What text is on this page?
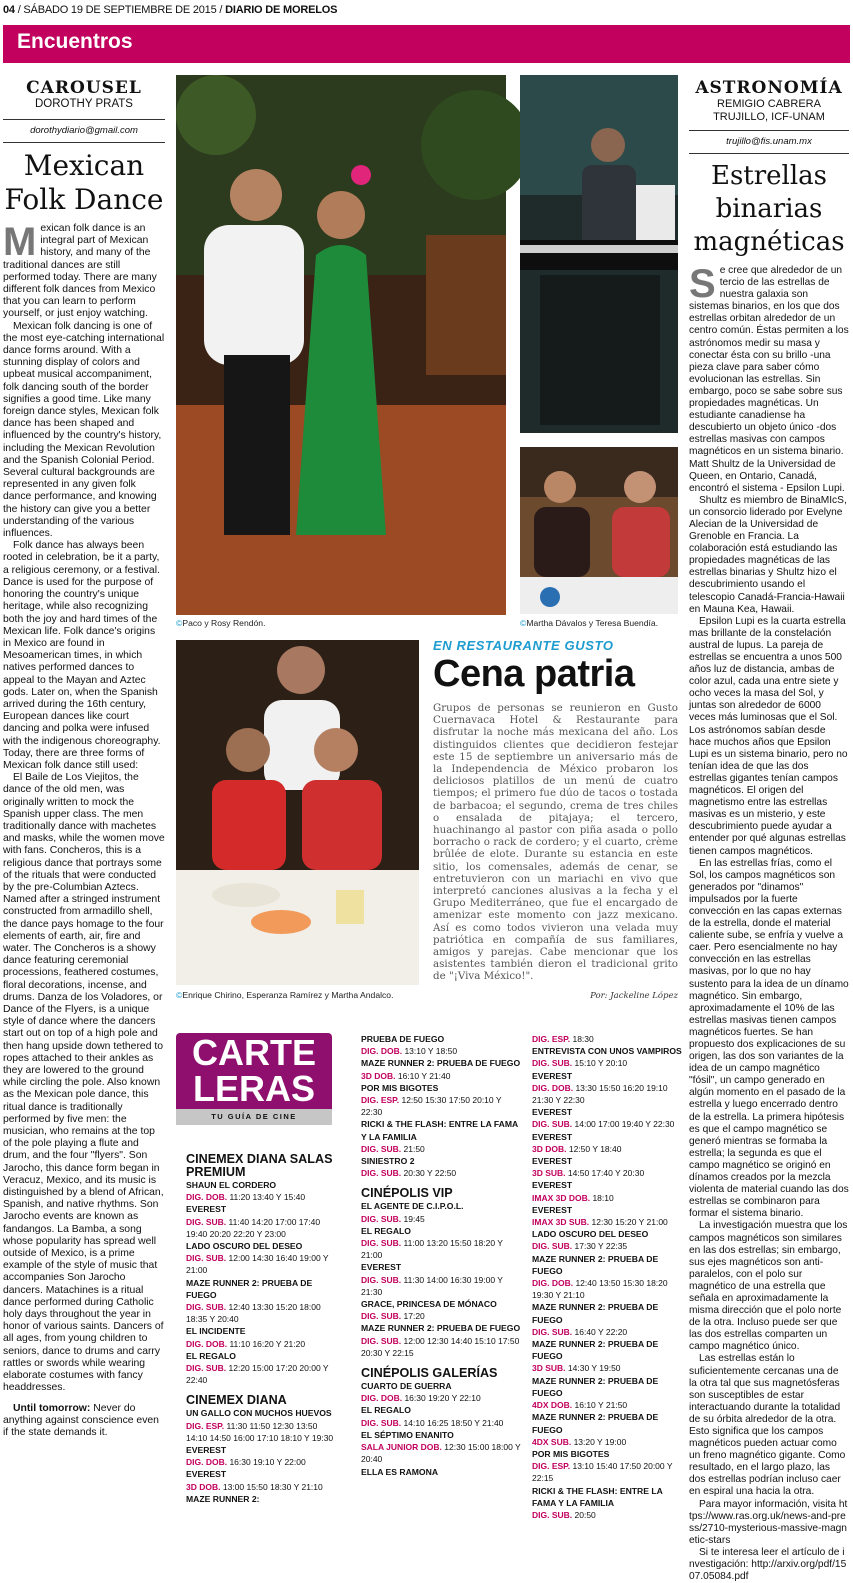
04 / SÁBADO 19 DE SEPTIEMBRE DE 2015 / DIARIO DE MORELOS
Encuentros
CAROUSEL
DOROTHY PRATS
dorothydiario@gmail.com
Mexican Folk Dance
M exican folk dance is an integral part of Mexican history, and many of the traditional dances are still performed today. There are many different folk dances from Mexico that you can learn to perform yourself, or just enjoy watching.
Mexican folk dancing is one of the most eye-catching international dance forms around. With a stunning display of colors and upbeat musical accompaniment, folk dancing south of the border signifies a good time. Like many foreign dance styles, Mexican folk dance has been shaped and influenced by the country's history, including the Mexican Revolution and the Spanish Colonial Period. Several cultural backgrounds are represented in any given folk dance performance, and knowing the history can give you a better understanding of the various influences.
Folk dance has always been rooted in celebration, be it a party, a religious ceremony, or a festival. Dance is used for the purpose of honoring the country's unique heritage, while also recognizing both the joy and hard times of the Mexican life. Folk dance's origins in Mexico are found in Mesoamerican times, in which natives performed dances to appeal to the Mayan and Aztec gods. Later on, when the Spanish arrived during the 16th century, European dances like court dancing and polka were infused with the indigenous choreography. Today, there are three forms of Mexican folk dance still used:
El Baile de Los Viejitos, the dance of the old men, was originally written to mock the Spanish upper class. The men traditionally dance with machetes and masks, while the women move with fans. Concheros, this is a religious dance that portrays some of the rituals that were conducted by the pre-Columbian Aztecs. Named after a stringed instrument constructed from armadillo shell, the dance pays homage to the four elements of earth, air, fire and water. The Concheros is a showy dance featuring ceremonial processions, feathered costumes, floral decorations, incense, and drums. Danza de los Voladores, or Dance of the Flyers, is a unique style of dance where the dancers start out on top of a high pole and then hang upside down tethered to ropes attached to their ankles as they are lowered to the ground while circling the pole. Also known as the Mexican pole dance, this ritual dance is traditionally performed by five men: the musician, who remains at the top of the pole playing a flute and drum, and the four "flyers". Son Jarocho, this dance form began in Veracuz, Mexico, and its music is distinguished by a blend of African, Spanish, and native rhythms. Son Jarocho events are known as fandangos. La Bamba, a song whose popularity has spread well outside of Mexico, is a prime example of the style of music that accompanies Son Jarocho dancers. Matachines is a ritual dance performed during Catholic holy days throughout the year in honor of various saints. Dancers of all ages, from young children to seniors, dance to drums and carry rattles or swords while wearing elaborate costumes with fancy headdresses.
Until tomorrow: Never do anything against conscience even if the state demands it.
©Paco y Rosy Rendón.	©Martha Dávalos y Teresa Buendía.
©Enrique Chirino, Esperanza Ramírez y Martha Andalco.
EN RESTAURANTE GUSTO
Cena patria
Grupos de personas se reunieron en Gusto Cuernavaca Hotel & Restaurante para disfrutar la noche más mexicana del año. Los distinguidos clientes que decidieron festejar este 15 de septiembre un aniversario más de la Independencia de México probaron los deliciosos platillos de un menú de cuatro tiempos; el primero fue dúo de tacos o tostada de barbacoa; el segundo, crema de tres chiles o ensalada de pitajaya; el tercero, huachinango al pastor con piña asada o pollo borracho o rack de cordero; y el cuarto, crème brûlée de elote. Durante su estancia en este sitio, los comensales, además de cenar, se entretuvieron con un mariachi en vivo que interpretó canciones alusivas a la fecha y el Grupo Mediterráneo, que fue el encargado de amenizar este momento con jazz mexicano. Así es como todos vivieron una velada muy patriótica en compañía de sus familiares, amigos y parejas. Cabe mencionar que los asistentes también dieron el tradicional grito de "¡Viva México!".
Por: Jackeline López
CARTE
LERAS
TU GUÍA DE CINE
CINEMEX DIANA SALAS PREMIUM
SHAUN EL CORDERO
DIG. DOB. 11:20 13:40 Y 15:40
EVEREST
DIG. SUB. 11:40 14:20 17:00 17:40 19:40 20:20 22:20 Y 23:00
LADO OSCURO DEL DESEO
DIG. SUB. 12:00 14:30 16:40 19:00 Y 21:00
MAZE RUNNER 2: PRUEBA DE FUEGO
DIG. SUB. 12:40 13:30 15:20 18:00 18:35 Y 20:40
EL INCIDENTE
DIG. DOB. 11:10 16:20 Y 21:20
EL REGALO
DIG. SUB. 12:20 15:00 17:20 20:00 Y 22:40
CINEMEX DIANA
UN GALLO CON MUCHOS HUEVOS
DIG. ESP. 11:30 11:50 12:30 13:50 14:10 14:50 16:00 17:10 18:10 Y 19:30
EVEREST
DIG. DOB. 16:30 19:10 Y 22:00
EVEREST
3D DOB. 13:00 15:50 18:30 Y 21:10
MAZE RUNNER 2:
PRUEBA DE FUEGO
DIG. DOB. 13:10 Y 18:50
MAZE RUNNER 2: PRUEBA DE FUEGO
3D DOB. 16:10 Y 21:40
POR MIS BIGOTES
DIG. ESP. 12:50 15:30 17:50 20:10 Y 22:30
RICKI & THE FLASH: ENTRE LA FAMA Y LA FAMILIA
DIG. SUB. 21:50
SINIESTRO 2
DIG. SUB. 20:30 Y 22:50
CINÉPOLIS VIP
EL AGENTE DE C.I.P.O.L.
DIG. SUB. 19:45
EL REGALO
DIG. SUB. 11:00 13:20 15:50 18:20 Y 21:00
EVEREST
DIG. SUB. 11:30 14:00 16:30 19:00 Y 21:30
GRACE, PRINCESA DE MÓNACO
DIG. SUB. 17:20
MAZE RUNNER 2: PRUEBA DE FUEGO
DIG. SUB. 12:00 12:30 14:40 15:10 17:50 20:30 Y 22:15
CINÉPOLIS GALERÍAS
CUARTO DE GUERRA
DIG. DOB. 16:30 19:20 Y 22:10
EL REGALO
DIG. SUB. 14:10 16:25 18:50 Y 21:40
EL SÉPTIMO ENANITO
SALA JUNIOR DOB. 12:30 15:00 18:00 Y 20:40
ELLA ES RAMONA
DIG. ESP. 18:30
ENTREVISTA CON UNOS VAMPIROS
DIG. SUB. 15:10 Y 20:10
EVEREST
DIG. DOB. 13:30 15:50 16:20 19:10 21:30 Y 22:30
EVEREST
DIG. SUB. 14:00 17:00 19:40 Y 22:30
EVEREST
3D DOB. 12:50 Y 18:40
EVEREST
3D SUB. 14:50 17:40 Y 20:30
EVEREST
IMAX 3D DOB. 18:10
EVEREST
IMAX 3D SUB. 12:30 15:20 Y 21:00
LADO OSCURO DEL DESEO
DIG. SUB. 17:30 Y 22:35
MAZE RUNNER 2: PRUEBA DE FUEGO
DIG. DOB. 12:40 13:50 15:30 18:20 19:30 Y 21:10
MAZE RUNNER 2: PRUEBA DE FUEGO
DIG. SUB. 16:40 Y 22:20
MAZE RUNNER 2: PRUEBA DE FUEGO
3D SUB. 14:30 Y 19:50
MAZE RUNNER 2: PRUEBA DE FUEGO
4DX DOB. 16:10 Y 21:50
MAZE RUNNER 2: PRUEBA DE FUEGO
4DX SUB. 13:20 Y 19:00
POR MIS BIGOTES
DIG. ESP. 13:10 15:40 17:50 20:00 Y 22:15
RICKI & THE FLASH: ENTRE LA FAMA Y LA FAMILIA
DIG. SUB. 20:50
ASTRONOMÍA
REMIGIO CABRERA TRUJILLO, ICF-UNAM
trujillo@fis.unam.mx
Estrellas binarias magnéticas
S e cree que alrededor de un tercio de las estrellas de nuestra galaxia son sistemas binarios, en los que dos estrellas orbitan alrededor de un centro común. Éstas permiten a los astrónomos medir su masa y conectar ésta con su brillo -una pieza clave para saber cómo evolucionan las estrellas. Sin embargo, poco se sabe sobre sus propiedades magnéticas. Un estudiante canadiense ha descubierto un objeto único -dos estrellas masivas con campos magnéticos en un sistema binario. Matt Shultz de la Universidad de Queen, en Ontario, Canadá, encontró el sistema - Epsilon Lupi.
Shultz es miembro de BinaMIcS, un consorcio liderado por Evelyne Alecian de la Universidad de Grenoble en Francia. La colaboración está estudiando las propiedades magnéticas de las estrellas binarias y Shultz hizo el descubrimiento usando el telescopio Canadá-Francia-Hawaii en Mauna Kea, Hawaii.
Epsilon Lupi es la cuarta estrella mas brillante de la constelación austral de lupus. La pareja de estrellas se encuentra a unos 500 años luz de distancia, ambas de color azul, cada una entre siete y ocho veces la masa del Sol, y juntas son alrededor de 6000 veces más luminosas que el Sol. Los astrónomos sabían desde hace muchos años que Epsilon Lupi es un sistema binario, pero no tenían idea de que las dos estrellas gigantes tenían campos magnéticos. El origen del magnetismo entre las estrellas masivas es un misterio, y este descubrimiento puede ayudar a entender por qué algunas estrellas tienen campos magnéticos.
En las estrellas frías, como el Sol, los campos magnéticos son generados por "dinamos" impulsados por la fuerte convección en las capas externas de la estrella, donde el material caliente sube, se enfría y vuelve a caer. Pero esencialmente no hay convección en las estrellas masivas, por lo que no hay sustento para la idea de un dínamo magnético. Sin embargo, aproximadamente el 10% de las estrellas masivas tienen campos magnéticos fuertes. Se han propuesto dos explicaciones de su origen, las dos son variantes de la idea de un campo magnético "fósil", un campo generado en algún momento en el pasado de la estrella y luego encerrado dentro de la estrella. La primera hipótesis es que el campo magnético se generó mientras se formaba la estrella; la segunda es que el campo magnético se originó en dínamos creados por la mezcla violenta de material cuando las dos estrellas se combinaron para formar el sistema binario.
La investigación muestra que los campos magnéticos son similares en las dos estrellas; sin embargo, sus ejes magnéticos son anti-paralelos, con el polo sur magnético de una estrella que señala en aproximadamente la misma dirección que el polo norte de la otra. Incluso puede ser que las dos estrellas comparten un campo magnético único.
Las estrellas están lo suficientemente cercanas una de la otra tal que sus magnetósferas son susceptibles de estar interactuando durante la totalidad de su órbita alrededor de la otra. Esto significa que los campos magnéticos pueden actuar como un freno magnético gigante. Como resultado, en el largo plazo, las dos estrellas podrían incluso caer en espiral una hacia la otra.
Para mayor información, visita https://www.ras.org.uk/news-and-press/2710-mysterious-massive-magnetic-stars
Si te interesa leer el artículo de investigación: http://arxiv.org/pdf/1507.05084.pdf
